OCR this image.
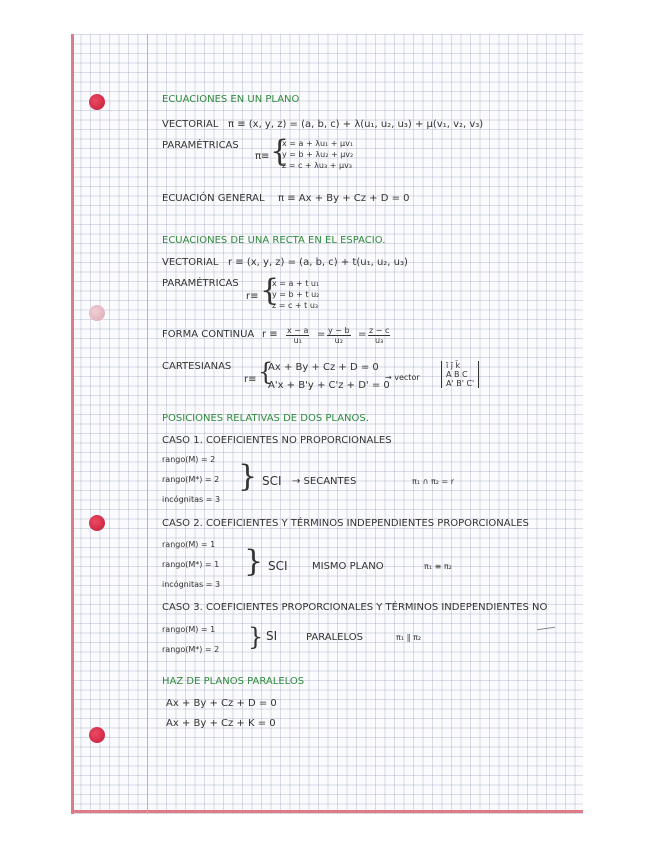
ECUACIONES EN UN PLANO
VECTORIAL π ≡ (x, y, z) = (a, b, c) + λ(u₁, u₂, u₃) + μ(v₁, v₂, v₃)
PARAMÉTRICAS
π≡ {
x = a + λu₁ + μv₁
y = b + λu₂ + μv₂
z = c + λu₃ + μv₃
ECUACIÓN GENERAL π ≡ Ax + By + Cz + D = 0
ECUACIONES DE UNA RECTA EN EL ESPACIO.
VECTORIAL r ≡ (x, y, z) = (a, b, c) + t(u₁, u₂, u₃)
PARAMÉTRICAS
r≡ {
x = a + t u₁
y = b + t u₂
z = c + t u₃
FORMA CONTINUA $r \equiv \frac{x - a}{\text{u₁}} = \frac{y - b}{\text{u₂}} = \frac{z - c}{\text{u₃}}$
CARTESIANAS
r≡ {
Ax + By + Cz + D = 0
A'x + B'y + C'z + D' = 0
→ vector
ī j̄ k̄
A B C
A' B' C'
POSICIONES RELATIVAS DE DOS PLANOS.
CASO 1. COEFICIENTES NO PROPORCIONALES
rango(M) = 2
rango(M*) = 2
incógnitas = 3
{ SCI → SECANTES	π₁ ∩ π₂ = r
CASO 2. COEFICIENTES Y TÉRMINOS INDEPENDIENTES PROPORCIONALES
rango(M) = 1
rango(M*) = 1
incógnitas = 3
{ SCI MISMO PLANO	π₁ ≡ π₂
CASO 3. COEFICIENTES PROPORCIONALES Y TÉRMINOS INDEPENDIENTES NO
rango(M) = 1
rango(M*) = 2 { SI	PARALELOS	π₁ ∥ π₂
HAZ DE PLANOS PARALELOS
Ax + By + Cz + D = 0
Ax + By + Cz + K = 0
